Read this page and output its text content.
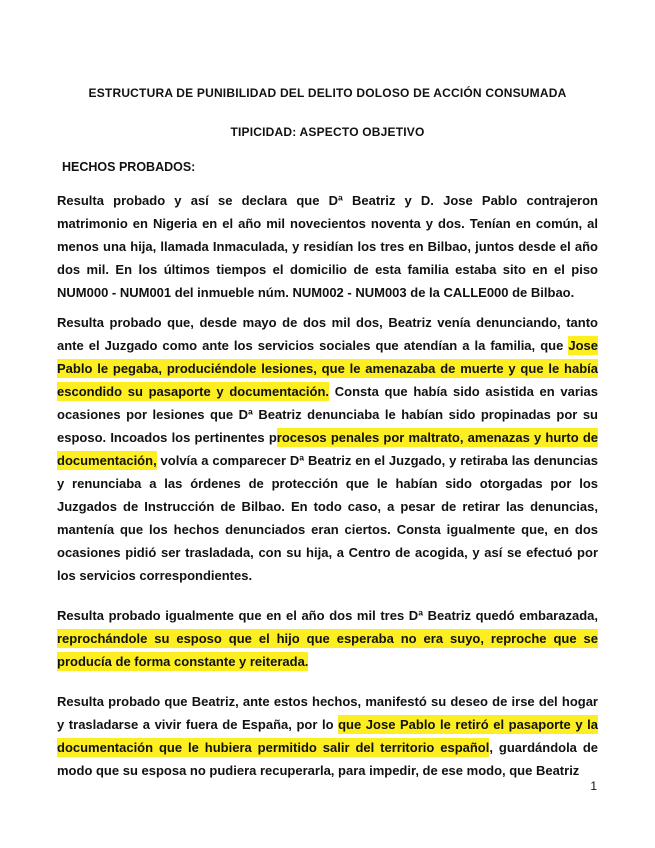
ESTRUCTURA DE PUNIBILIDAD DEL DELITO DOLOSO DE ACCIÓN CONSUMADA
TIPICIDAD: ASPECTO OBJETIVO
HECHOS PROBADOS:

Resulta probado y así se declara que Dª Beatriz y D. Jose Pablo contrajeron matrimonio en Nigeria en el año mil novecientos noventa y dos. Tenían en común, al menos una hija, llamada Inmaculada, y residían los tres en Bilbao, juntos desde el año dos mil. En los últimos tiempos el domicilio de esta familia estaba sito en el piso NUM000 - NUM001 del inmueble núm. NUM002 - NUM003 de la CALLE000 de Bilbao.

Resulta probado que, desde mayo de dos mil dos, Beatriz venía denunciando, tanto ante el Juzgado como ante los servicios sociales que atendían a la familia, que Jose Pablo le pegaba, produciéndole lesiones, que le amenazaba de muerte y que le había escondido su pasaporte y documentación. Consta que había sido asistida en varias ocasiones por lesiones que Dª Beatriz denunciaba le habían sido propinadas por su esposo. Incoados los pertinentes procesos penales por maltrato, amenazas y hurto de documentación, volvía a comparecer Dª Beatriz en el Juzgado, y retiraba las denuncias y renunciaba a las órdenes de protección que le habían sido otorgadas por los Juzgados de Instrucción de Bilbao. En todo caso, a pesar de retirar las denuncias, mantenía que los hechos denunciados eran ciertos. Consta igualmente que, en dos ocasiones pidió ser trasladada, con su hija, a Centro de acogida, y así se efectuó por los servicios correspondientes.

Resulta probado igualmente que en el año dos mil tres Dª Beatriz quedó embarazada, reprochándole su esposo que el hijo que esperaba no era suyo, reproche que se producía de forma constante y reiterada.

Resulta probado que Beatriz, ante estos hechos, manifestó su deseo de irse del hogar y trasladarse a vivir fuera de España, por lo que Jose Pablo le retiró el pasaporte y la documentación que le hubiera permitido salir del territorio español, guardándola de modo que su esposa no pudiera recuperarla, para impedir, de ese modo, que Beatriz

1
